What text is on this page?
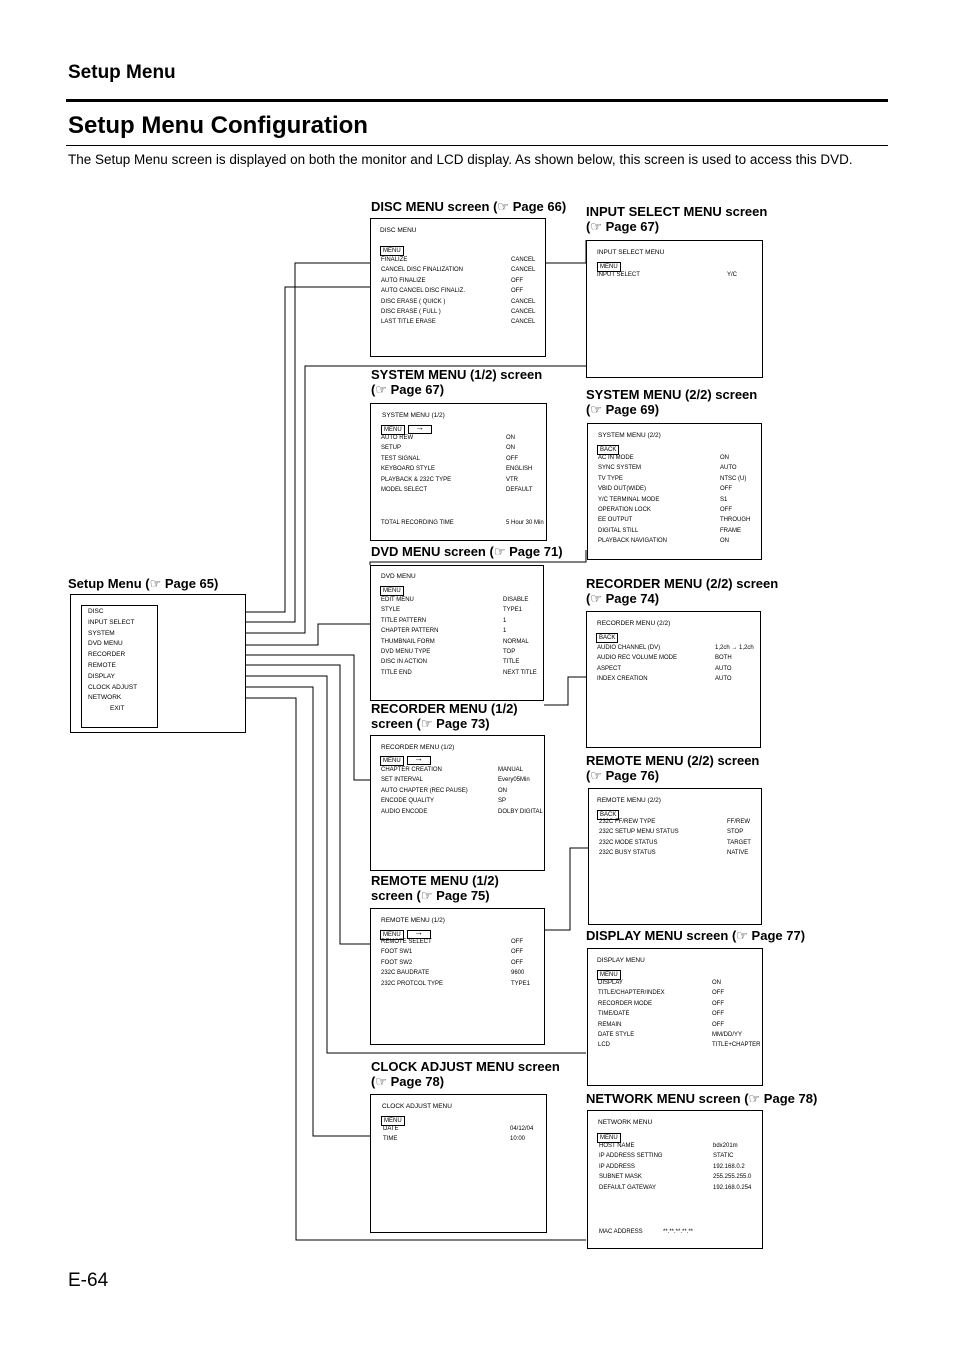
Setup Menu
Setup Menu Configuration
The Setup Menu screen is displayed on both the monitor and LCD display. As shown below, this screen is used to access this DVD.
Setup Menu (☞ Page 65)
DISC
INPUT SELECT
SYSTEM
DVD MENU
RECORDER
REMOTE
DISPLAY
CLOCK ADJUST
NETWORK
EXIT
DISC MENU screen (☞ Page 66)
DISC MENU
MENU
FINALIZE	CANCEL
CANCEL DISC FINALIZATION	CANCEL
AUTO FINALIZE	OFF
AUTO CANCEL DISC FINALIZ.	OFF
DISC ERASE ( QUICK )	CANCEL
DISC ERASE ( FULL )	CANCEL
LAST TITLE ERASE	CANCEL
INPUT SELECT MENU screen
(☞ Page 67)
INPUT SELECT MENU
MENU
INPUT SELECT	Y/C
SYSTEM MENU (1/2) screen
(☞ Page 67)
SYSTEM MENU (1/2)
MENU
→
AUTO REW	ON
SETUP	ON
TEST SIGNAL	OFF
KEYBOARD STYLE	ENGLISH
PLAYBACK & 232C TYPE	VTR
MODEL SELECT	DEFAULT
TOTAL RECORDING TIME	5 Hour 30 Min
SYSTEM MENU (2/2) screen
(☞ Page 69)
SYSTEM MENU (2/2)
BACK
AC IN MODE	ON
SYNC SYSTEM	AUTO
TV TYPE	NTSC (U)
VBID OUT(WIDE)	OFF
Y/C TERMINAL MODE	S1
OPERATION LOCK	OFF
EE OUTPUT	THROUGH
DIGITAL STILL	FRAME
PLAYBACK NAVIGATION	ON
DVD MENU screen (☞ Page 71)
DVD MENU
MENU
EDIT MENU	DISABLE
STYLE	TYPE1
TITLE PATTERN	1
CHAPTER PATTERN	1
THUMBNAIL FORM	NORMAL
DVD MENU TYPE	TOP
DISC IN ACTION	TITLE
TITLE END	NEXT TITLE
RECORDER MENU (2/2) screen
(☞ Page 74)
RECORDER MENU (2/2)
BACK
AUDIO CHANNEL (DV)	1,2ch → 1,2ch
AUDIO REC VOLUME MODE	BOTH
ASPECT	AUTO
INDEX CREATION	AUTO
RECORDER MENU (1/2)
screen (☞ Page 73)
RECORDER MENU (1/2)
MENU
→
CHAPTER CREATION	MANUAL
SET INTERVAL	Every05Min
AUTO CHAPTER (REC PAUSE)	ON
ENCODE QUALITY	SP
AUDIO ENCODE	DOLBY DIGITAL
REMOTE MENU (2/2) screen
(☞ Page 76)
REMOTE MENU (2/2)
BACK
232C FF/REW TYPE	FF/REW
232C SETUP MENU STATUS	STOP
232C MODE STATUS	TARGET
232C BUSY STATUS	NATIVE
REMOTE MENU (1/2)
screen (☞ Page 75)
REMOTE MENU (1/2)
MENU
→
REMOTE SELECT	OFF
FOOT SW1	OFF
FOOT SW2	OFF
232C BAUDRATE	9600
232C PROTCOL TYPE	TYPE1
DISPLAY MENU screen (☞ Page 77)
DISPLAY MENU
MENU
DISPLAY	ON
TITLE/CHAPTER/INDEX	OFF
RECORDER MODE	OFF
TIME/DATE	OFF
REMAIN	OFF
DATE STYLE	MM/DD/YY
LCD	TITLE+CHAPTER
CLOCK ADJUST MENU screen
(☞ Page 78)
CLOCK ADJUST MENU
MENU
DATE	04/12/04
TIME	10:00
NETWORK MENU screen (☞ Page 78)
NETWORK MENU
MENU
HOST NAME	bdx201m
IP ADDRESS SETTING	STATIC
IP ADDRESS	192.168.0.2
SUBNET MASK	255.255.255.0
DEFAULT GATEWAY	192.168.0.254
MAC ADDRESS	**.**.**.**.**
E-64
